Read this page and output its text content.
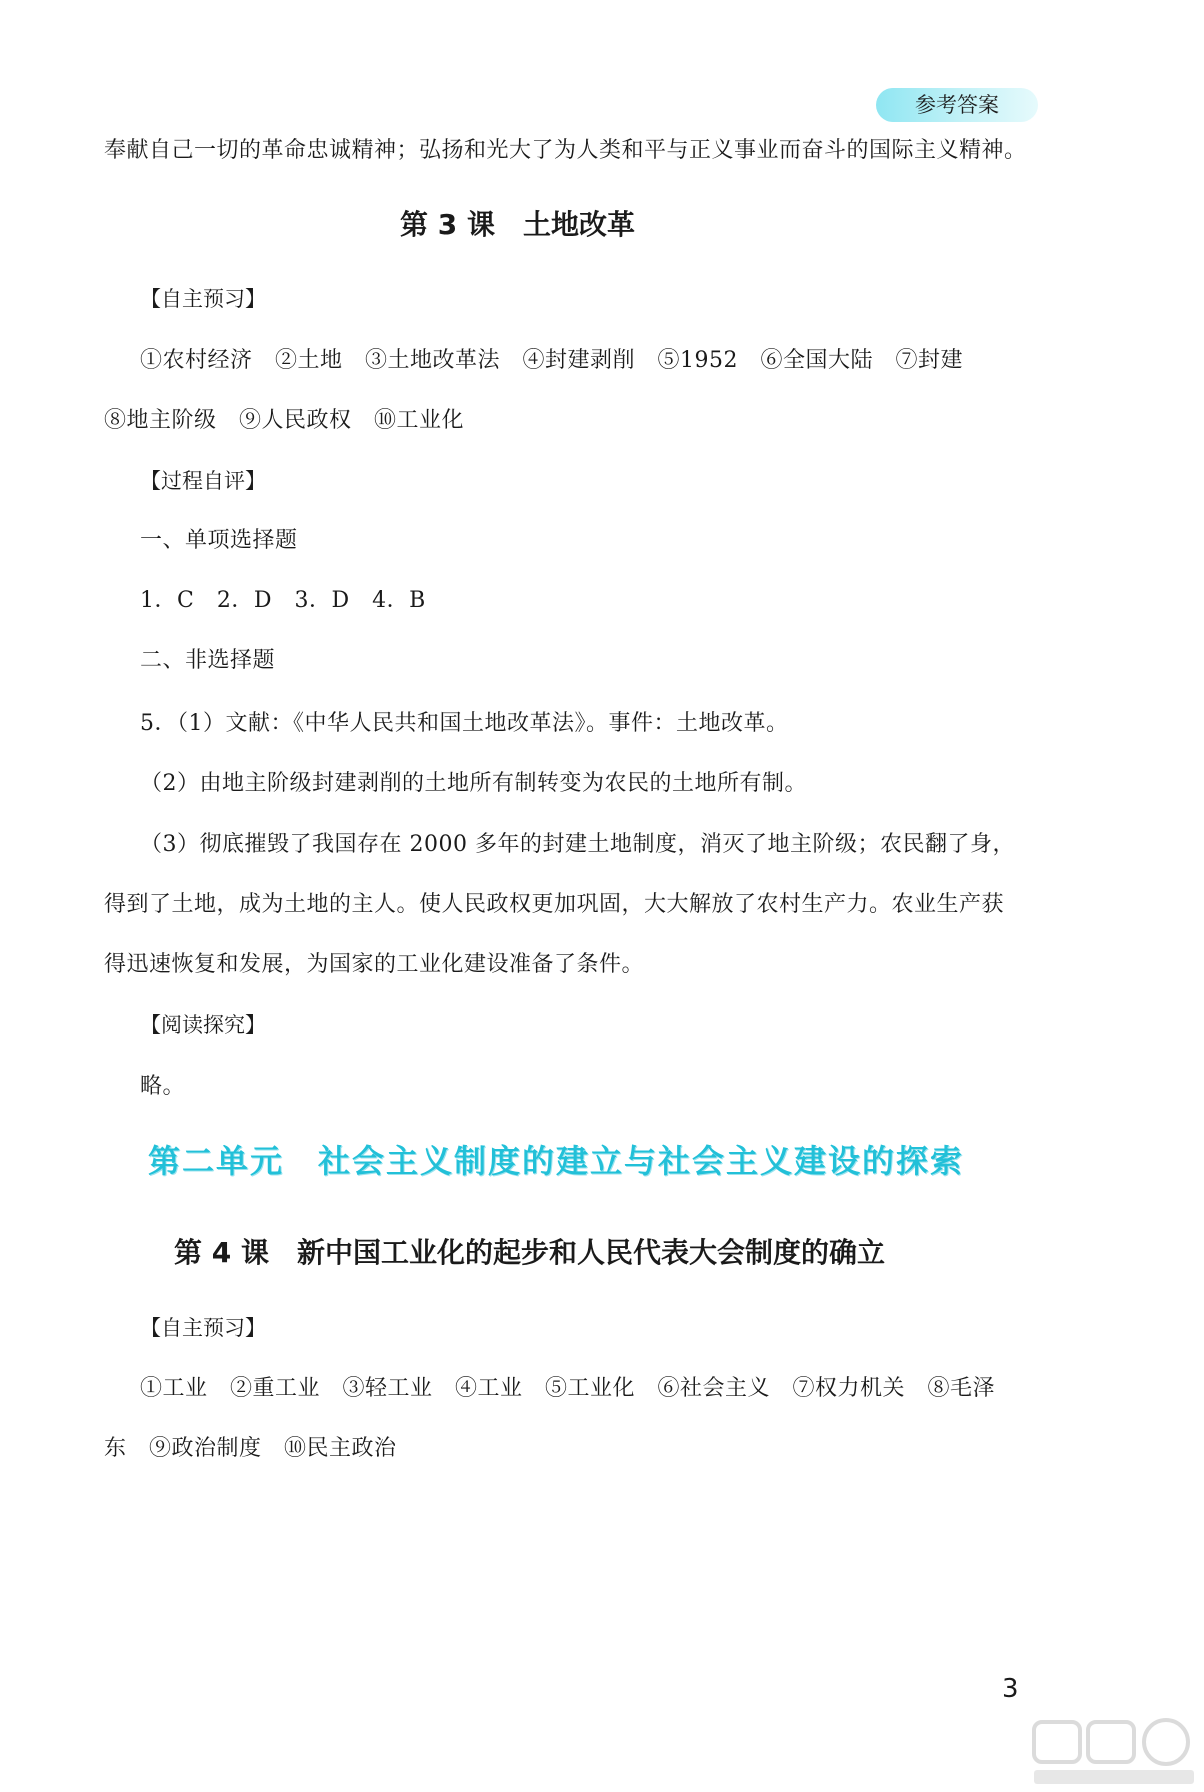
参考答案
奉献自己一切的革命忠诚精神；弘扬和光大了为人类和平与正义事业而奋斗的国际主义精神。
第 3 课　土地改革
【自主预习】
①农村经济　②土地　③土地改革法　④封建剥削　⑤1952　⑥全国大陆　⑦封建
⑧地主阶级　⑨人民政权　⑩工业化
【过程自评】
一、单项选择题
1．C　2．D　3．D　4．B
二、非选择题
5．（1）文献：《中华人民共和国土地改革法》。事件：土地改革。
（2）由地主阶级封建剥削的土地所有制转变为农民的土地所有制。
（3）彻底摧毁了我国存在 2000 多年的封建土地制度，消灭了地主阶级；农民翻了身，
得到了土地，成为土地的主人。使人民政权更加巩固，大大解放了农村生产力。农业生产获
得迅速恢复和发展，为国家的工业化建设准备了条件。
【阅读探究】
略。
第二单元　社会主义制度的建立与社会主义建设的探索
第 4 课　新中国工业化的起步和人民代表大会制度的确立
【自主预习】
①工业　②重工业　③轻工业　④工业　⑤工业化　⑥社会主义　⑦权力机关　⑧毛泽
东　⑨政治制度　⑩民主政治
3
